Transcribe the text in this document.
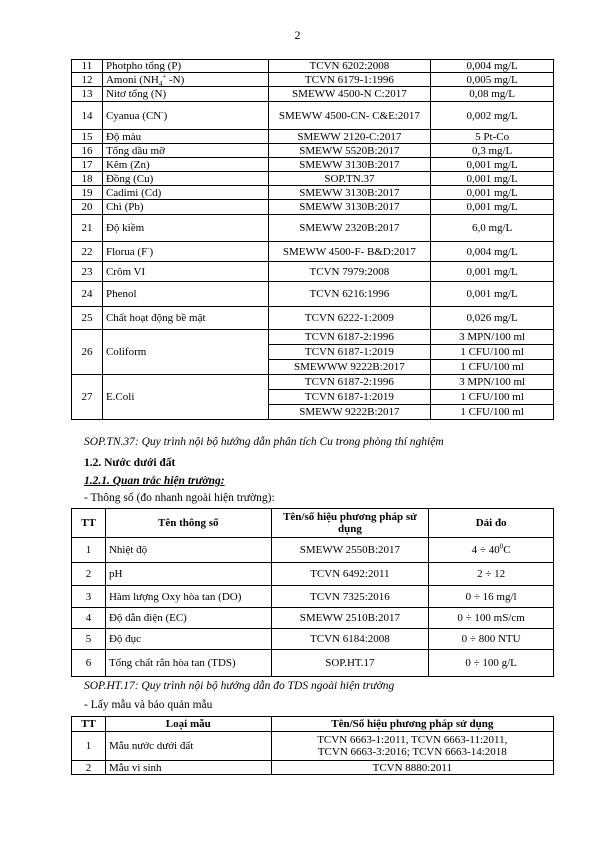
2
11	Photpho tổng (P)	TCVN 6202:2008	0,004 mg/L
12	Amoni ($NH_4^+$ -N)	TCVN 6179-1:1996	0,005 mg/L
13	Nitơ tổng (N)	SMEWW 4500-N C:2017	0,08 mg/L
14	Cyanua (CN-)	SMEWW 4500-CN- C&E:2017	0,002 mg/L
15	Độ màu	SMEWW 2120-C:2017	5 Pt-Co
16	Tổng dầu mỡ	SMEWW 5520B:2017	0,3 mg/L
17	Kẽm (Zn)	SMEWW 3130B:2017	0,001 mg/L
18	Đồng (Cu)	SOP.TN.37	0,001 mg/L
19	Cadimi (Cd)	SMEWW 3130B:2017	0,001 mg/L
20	Chì (Pb)	SMEWW 3130B:2017	0,001 mg/L
21	Độ kiềm	SMEWW 2320B:2017	6,0 mg/L
22	Florua (F-)	SMEWW 4500-F- B&D:2017	0,004 mg/L
23	Crôm VI	TCVN 7979:2008	0,001 mg/L
24	Phenol	TCVN 6216:1996	0,001 mg/L
25	Chất hoạt động bề mặt	TCVN 6222-1:2009	0,026 mg/L
26	Coliform	TCVN 6187-2:1996	3 MPN/100 ml
		TCVN 6187-1:2019	1 CFU/100 ml
		SMEWWW 9222B:2017	1 CFU/100 ml
27	E.Coli	TCVN 6187-2:1996	3 MPN/100 ml
		TCVN 6187-1:2019	1 CFU/100 ml
		SMEWW 9222B:2017	1 CFU/100 ml
SOP.TN.37: Quy trình nội bộ hướng dẫn phân tích Cu trong phòng thí nghiệm
1.2. Nước dưới đất
1.2.1. Quan trắc hiện trường:
- Thông số (đo nhanh ngoài hiện trường):
TT	Tên thông số	Tên/số hiệu phương pháp sử dụng	Dải đo
1	Nhiệt độ	SMEWW 2550B:2017	$4 \div 40^0C$
2	pH	TCVN 6492:2011	2 ÷ 12
3	Hàm lượng Oxy hòa tan (DO)	TCVN 7325:2016	0 ÷ 16 mg/l
4	Độ dẫn điện (EC)	SMEWW 2510B:2017	0 ÷ 100 mS/cm
5	Độ đục	TCVN 6184:2008	0 ÷ 800 NTU
6	Tổng chất rắn hòa tan (TDS)	SOP.HT.17	0 ÷ 100 g/L
SOP.HT.17: Quy trình nội bộ hướng dẫn đo TDS ngoài hiện trường
- Lấy mẫu và bảo quản mẫu
TT	Loại mẫu	Tên/Số hiệu phương pháp sử dụng
1	Mẫu nước dưới đất	TCVN 6663-1:2011, TCVN 6663-11:2011,
TCVN 6663-3:2016; TCVN 6663-14:2018

2	Mẫu vi sinh	TCVN 8880:2011
